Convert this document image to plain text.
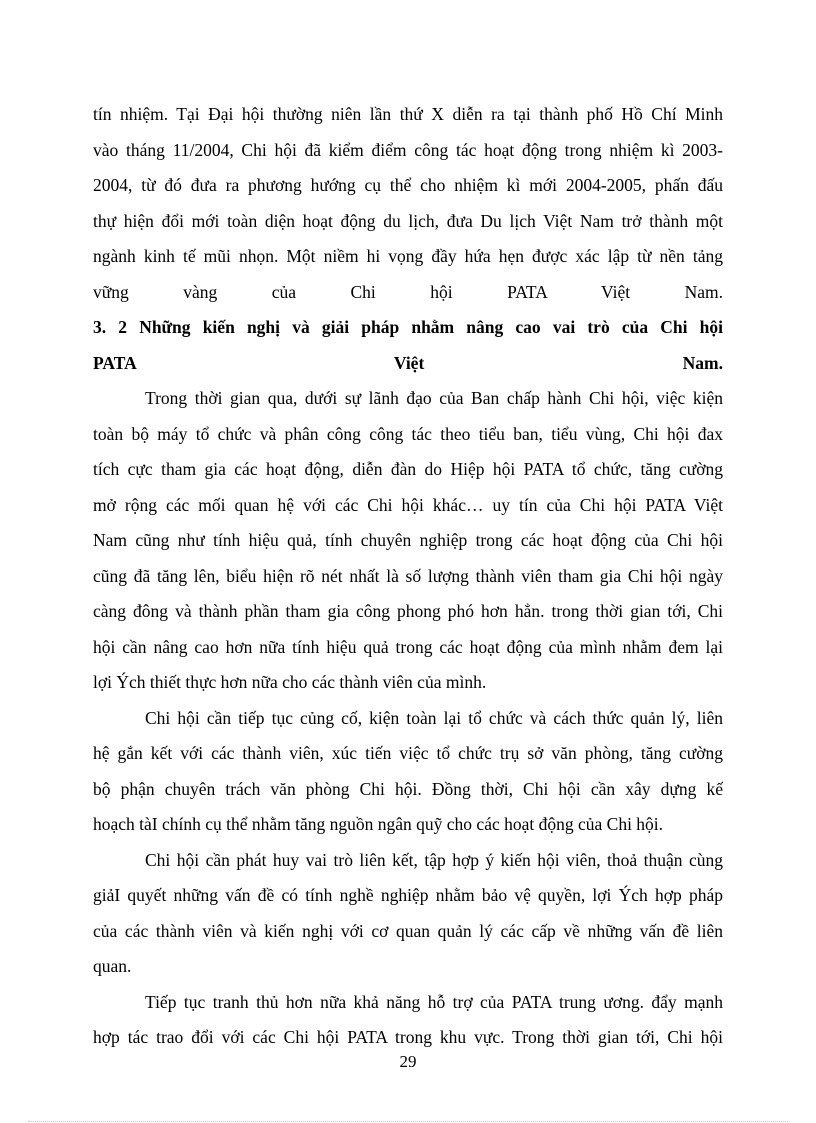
tín nhiệm. Tại Đại hội thường niên lần thứ X diễn ra tại thành phố Hồ Chí Minh
vào tháng 11/2004, Chi hội đã kiểm điểm công tác hoạt động trong nhiệm kì 2003-
2004, từ đó đưa ra phương hướng cụ thể cho nhiệm kì mới 2004-2005, phấn đấu
thự hiện đổi mới toàn diện hoạt động du lịch, đưa Du lịch Việt Nam trở thành một
ngành kinh tế mũi nhọn. Một niềm hi vọng đầy hứa hẹn được xác lập từ nền tảng
vững vàng của Chi hội PATA Việt Nam.
3. 2 Những kiến nghị và giải pháp nhằm nâng cao vai trò của Chi hội
PATA Việt Nam.
Trong thời gian qua, dưới sự lãnh đạo của Ban chấp hành Chi hội, việc kiện
toàn bộ máy tổ chức và phân công công tác theo tiểu ban, tiểu vùng, Chi hội đax
tích cực tham gia các hoạt động, diễn đàn do Hiệp hội PATA tổ chức, tăng cường
mở rộng các mối quan hệ với các Chi hội khác… uy tín của Chi hội PATA Việt
Nam cũng như tính hiệu quả, tính chuyên nghiệp trong các hoạt động của Chi hội
cũng đã tăng lên, biểu hiện rõ nét nhất là số lượng thành viên tham gia Chi hội ngày
càng đông và thành phần tham gia công phong phó hơn hẳn. trong thời gian tới, Chi
hội cần nâng cao hơn nữa tính hiệu quả trong các hoạt động của mình nhằm đem lại
lợi Ých thiết thực hơn nữa cho các thành viên của mình.
Chi hội cần tiếp tục củng cố, kiện toàn lại tổ chức và cách thức quản lý, liên
hệ gắn kết với các thành viên, xúc tiến việc tổ chức trụ sở văn phòng, tăng cường
bộ phận chuyên trách văn phòng Chi hội. Đồng thời, Chi hội cần xây dựng kế
hoạch tàI chính cụ thể nhằm tăng nguồn ngân quỹ cho các hoạt động của Chi hội.
Chi hội cần phát huy vai trò liên kết, tập hợp ý kiến hội viên, thoả thuận cùng
giảI quyết những vấn đề có tính nghề nghiệp nhằm bảo vệ quyền, lợi Ých hợp pháp
của các thành viên và kiến nghị với cơ quan quản lý các cấp về những vấn đề liên
quan.
Tiếp tục tranh thủ hơn nữa khả năng hỗ trợ của PATA trung ương. đẩy mạnh
hợp tác trao đổi với các Chi hội PATA trong khu vực. Trong thời gian tới, Chi hội
29
